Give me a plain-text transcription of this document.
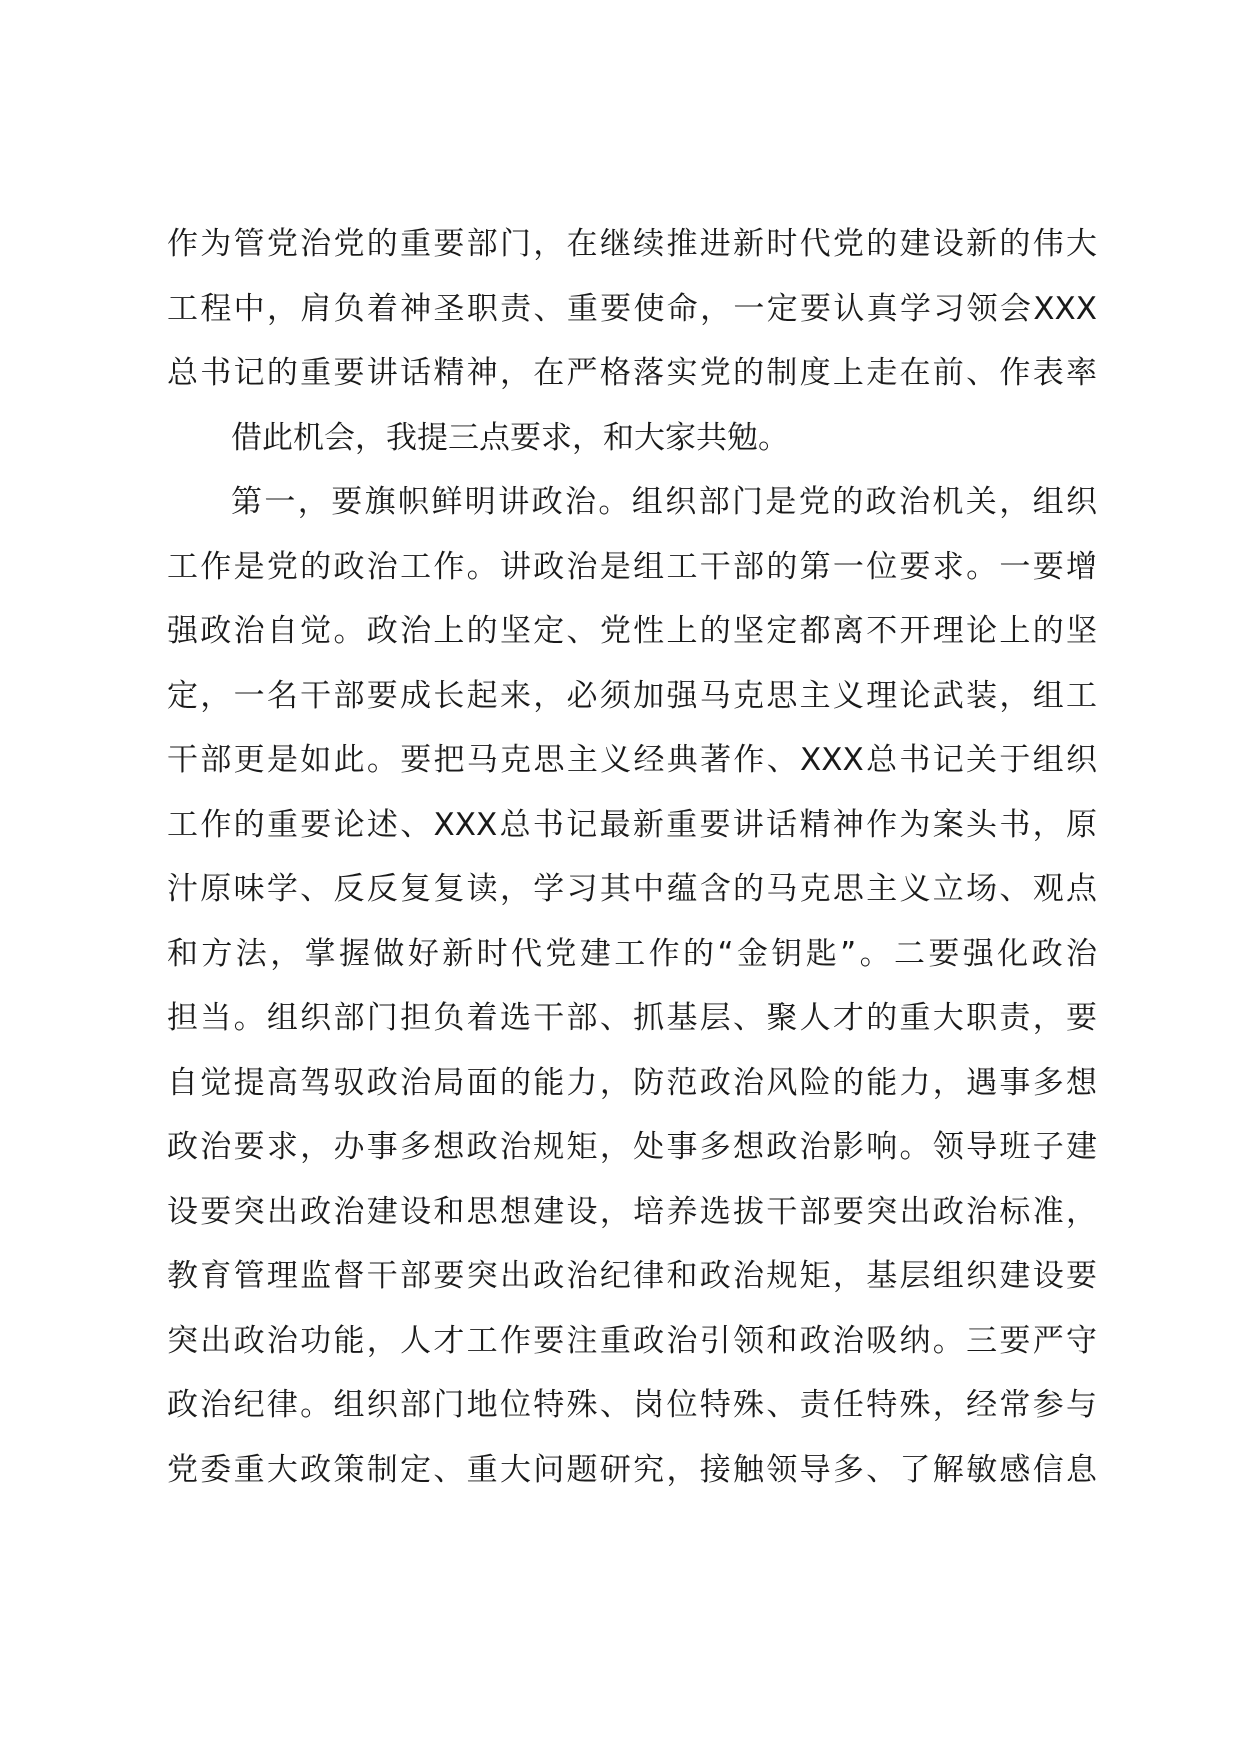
作为管党治党的重要部门，在继续推进新时代党的建设新的伟大
工程中，肩负着神圣职责、重要使命，一定要认真学习领会XXX
总书记的重要讲话精神，在严格落实党的制度上走在前、作表率
借此机会，我提三点要求，和大家共勉。
第一，要旗帜鲜明讲政治。组织部门是党的政治机关，组织
工作是党的政治工作。讲政治是组工干部的第一位要求。一要增
强政治自觉。政治上的坚定、党性上的坚定都离不开理论上的坚
定，一名干部要成长起来，必须加强马克思主义理论武装，组工
干部更是如此。要把马克思主义经典著作、XXX总书记关于组织
工作的重要论述、XXX总书记最新重要讲话精神作为案头书，原
汁原味学、反反复复读，学习其中蕴含的马克思主义立场、观点
和方法，掌握做好新时代党建工作的“金钥匙”。二要强化政治
担当。组织部门担负着选干部、抓基层、聚人才的重大职责，要
自觉提高驾驭政治局面的能力，防范政治风险的能力，遇事多想
政治要求，办事多想政治规矩，处事多想政治影响。领导班子建
设要突出政治建设和思想建设，培养选拔干部要突出政治标准，
教育管理监督干部要突出政治纪律和政治规矩，基层组织建设要
突出政治功能，人才工作要注重政治引领和政治吸纳。三要严守
政治纪律。组织部门地位特殊、岗位特殊、责任特殊，经常参与
党委重大政策制定、重大问题研究，接触领导多、了解敏感信息
